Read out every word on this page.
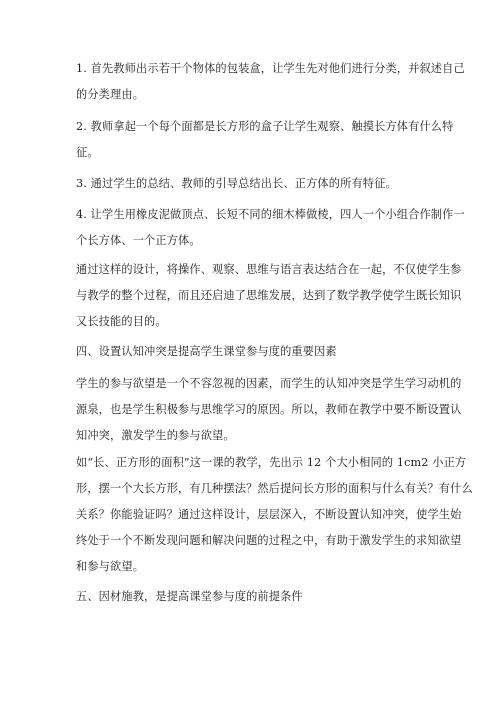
1. 首先教师出示若干个物体的包装盒，让学生先对他们进行分类，并叙述自己
的分类理由。
2. 教师拿起一个每个面都是长方形的盒子让学生观察、触摸长方体有什么特
征。
3. 通过学生的总结、教师的引导总结出长、正方体的所有特征。
4. 让学生用橡皮泥做顶点、长短不同的细木棒做棱，四人一个小组合作制作一
个长方体、一个正方体。
通过这样的设计，将操作、观察、思维与语言表达结合在一起，不仅使学生参
与教学的整个过程，而且还启迪了思维发展，达到了数学教学使学生既长知识
又长技能的目的。
四、设置认知冲突是提高学生课堂参与度的重要因素
学生的参与欲望是一个不容忽视的因素，而学生的认知冲突是学生学习动机的
源泉，也是学生积极参与思维学习的原因。所以，教师在教学中要不断设置认
知冲突，激发学生的参与欲望。
如“长、正方形的面积”这一课的教学，先出示 12 个大小相同的 1cm2 小正方
形，摆一个大长方形，有几种摆法？然后提问长方形的面积与什么有关？有什么
关系？你能验证吗？通过这样设计，层层深入，不断设置认知冲突，使学生始
终处于一个不断发现问题和解决问题的过程之中，有助于激发学生的求知欲望
和参与欲望。
五、因材施教，是提高课堂参与度的前提条件
